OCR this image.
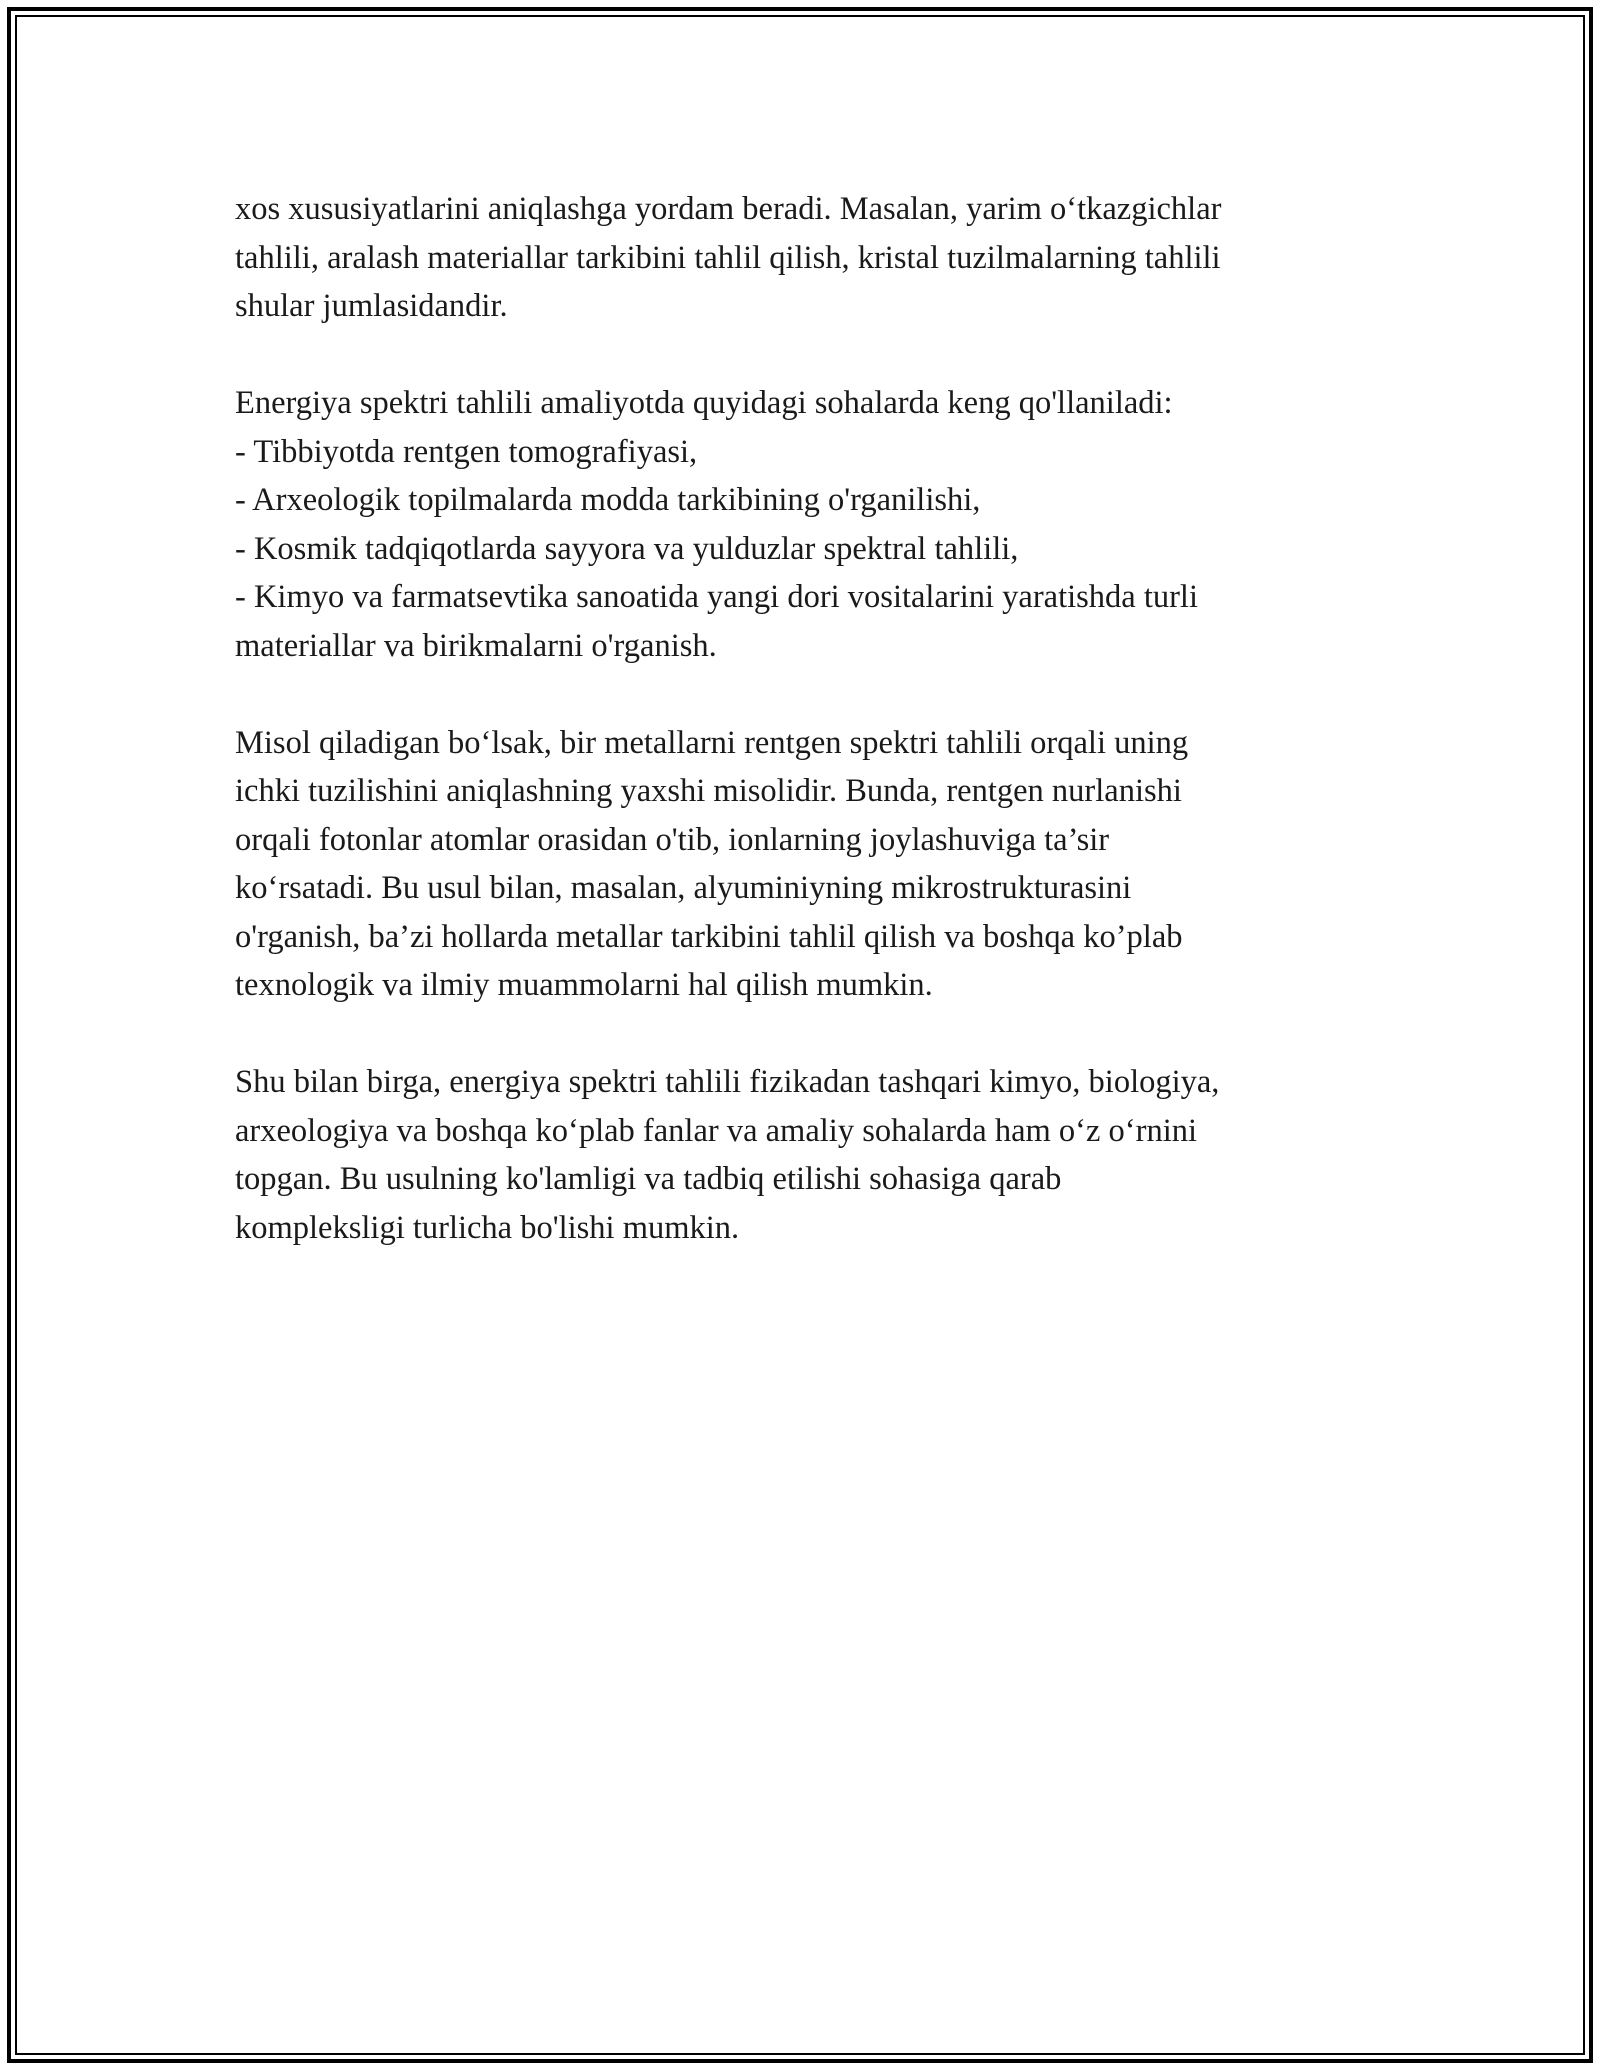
xos xususiyatlarini aniqlashga yordam beradi. Masalan, yarim o‘tkazgichlar
tahlili, aralash materiallar tarkibini tahlil qilish, kristal tuzilmalarning tahlili
shular jumlasidandir.
Energiya spektri tahlili amaliyotda quyidagi sohalarda keng qo'llaniladi:
- Tibbiyotda rentgen tomografiyasi,
- Arxeologik topilmalarda modda tarkibining o'rganilishi,
- Kosmik tadqiqotlarda sayyora va yulduzlar spektral tahlili,
- Kimyo va farmatsevtika sanoatida yangi dori vositalarini yaratishda turli
materiallar va birikmalarni o'rganish.
Misol qiladigan bo‘lsak, bir metallarni rentgen spektri tahlili orqali uning
ichki tuzilishini aniqlashning yaxshi misolidir. Bunda, rentgen nurlanishi
orqali fotonlar atomlar orasidan o'tib, ionlarning joylashuviga ta’sir
ko‘rsatadi. Bu usul bilan, masalan, alyuminiyning mikrostrukturasini
o'rganish, ba’zi hollarda metallar tarkibini tahlil qilish va boshqa ko’plab
texnologik va ilmiy muammolarni hal qilish mumkin.
Shu bilan birga, energiya spektri tahlili fizikadan tashqari kimyo, biologiya,
arxeologiya va boshqa ko‘plab fanlar va amaliy sohalarda ham o‘z o‘rnini
topgan. Bu usulning ko'lamligi va tadbiq etilishi sohasiga qarab
kompleksligi turlicha bo'lishi mumkin.
